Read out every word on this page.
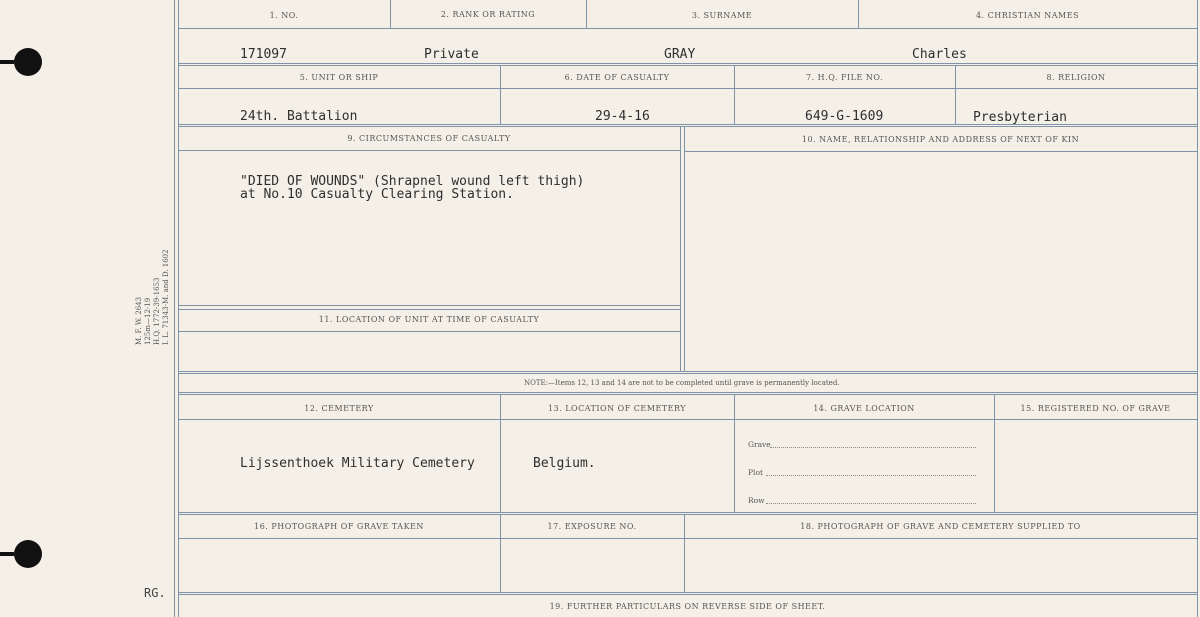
M. F. W. 2643 125m—12-19 H.Q. 1772-39-1653 I. L. 71343-M. and D. 1602
RG.
1. NO.	2. RANK OR RATING	3. SURNAME	4. CHRISTIAN NAMES
171097	Private	GRAY	Charles
5. UNIT OR SHIP	6. DATE OF CASUALTY	7. H.Q. FILE NO.	8. RELIGION
24th. Battalion	29-4-16	649-G-1609	Presbyterian
9. CIRCUMSTANCES OF CASUALTY	10. NAME, RELATIONSHIP AND ADDRESS OF NEXT OF KIN
"DIED OF WOUNDS" (Shrapnel wound left thigh)
at No.10 Casualty Clearing Station.
11. LOCATION OF UNIT AT TIME OF CASUALTY
NOTE:—Items 12, 13 and 14 are not to be completed until grave is permanently located.
12. CEMETERY	13. LOCATION OF CEMETERY	14. GRAVE LOCATION	15. REGISTERED NO. OF GRAVE
Lijssenthoek Military Cemetery	Belgium.
Grave
Plot
Row
16. PHOTOGRAPH OF GRAVE TAKEN	17. EXPOSURE NO.	18. PHOTOGRAPH OF GRAVE AND CEMETERY SUPPLIED TO
19. FURTHER PARTICULARS ON REVERSE SIDE OF SHEET.
